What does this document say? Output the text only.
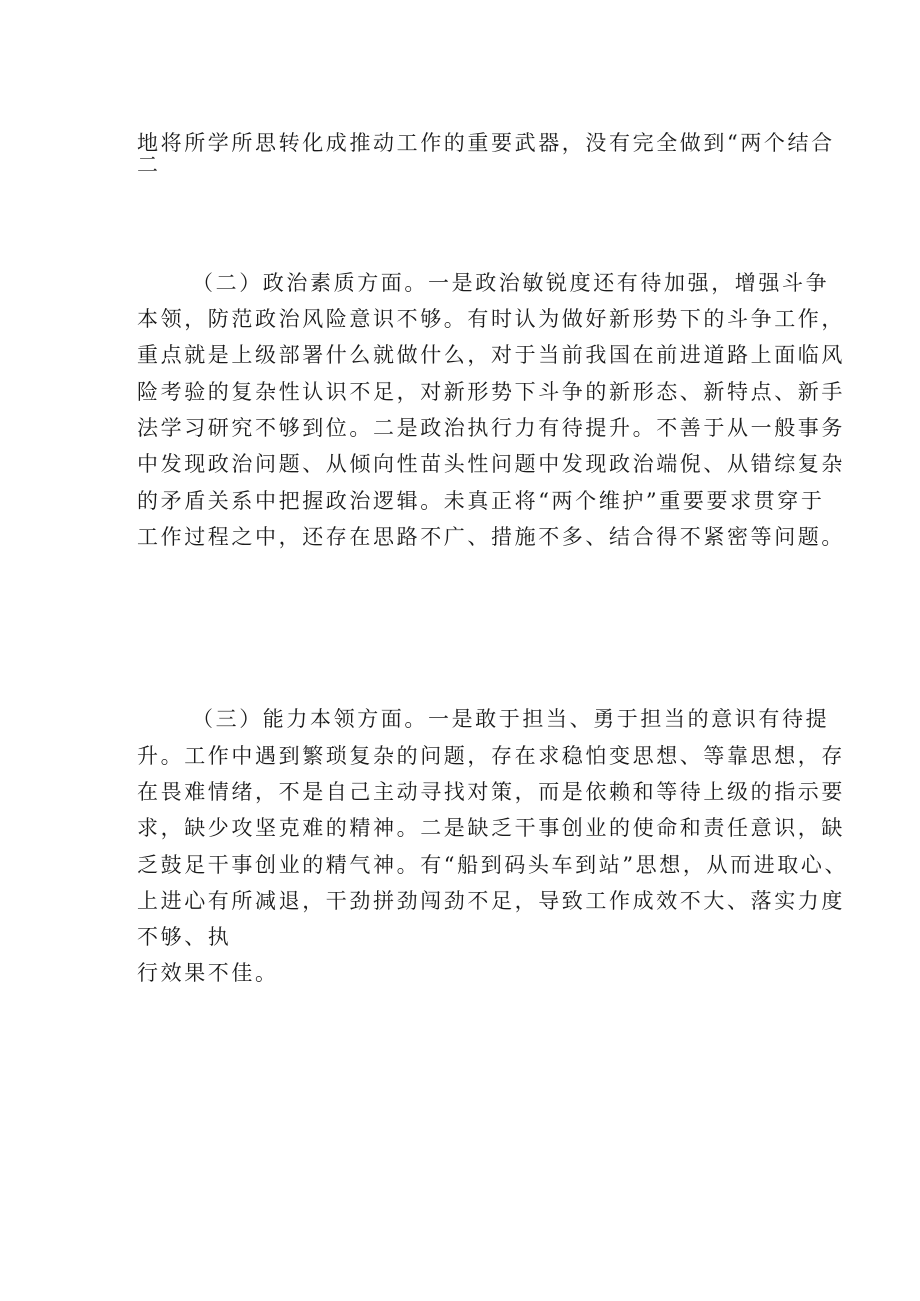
地将所学所思转化成推动工作的重要武器，没有完全做到“两个结合
二
（二）政治素质方面。一是政治敏锐度还有待加强，增强斗争
本领，防范政治风险意识不够。有时认为做好新形势下的斗争工作，
重点就是上级部署什么就做什么，对于当前我国在前进道路上面临风
险考验的复杂性认识不足，对新形势下斗争的新形态、新特点、新手
法学习研究不够到位。二是政治执行力有待提升。不善于从一般事务
中发现政治问题、从倾向性苗头性问题中发现政治端倪、从错综复杂
的矛盾关系中把握政治逻辑。未真正将“两个维护”重要要求贯穿于
工作过程之中，还存在思路不广、措施不多、结合得不紧密等问题。
（三）能力本领方面。一是敢于担当、勇于担当的意识有待提
升。工作中遇到繁琐复杂的问题，存在求稳怕变思想、等靠思想，存
在畏难情绪，不是自己主动寻找对策，而是依赖和等待上级的指示要
求，缺少攻坚克难的精神。二是缺乏干事创业的使命和责任意识，缺
乏鼓足干事创业的精气神。有“船到码头车到站”思想，从而进取心、
上进心有所减退，干劲拼劲闯劲不足，导致工作成效不大、落实力度
不够、执
行效果不佳。
